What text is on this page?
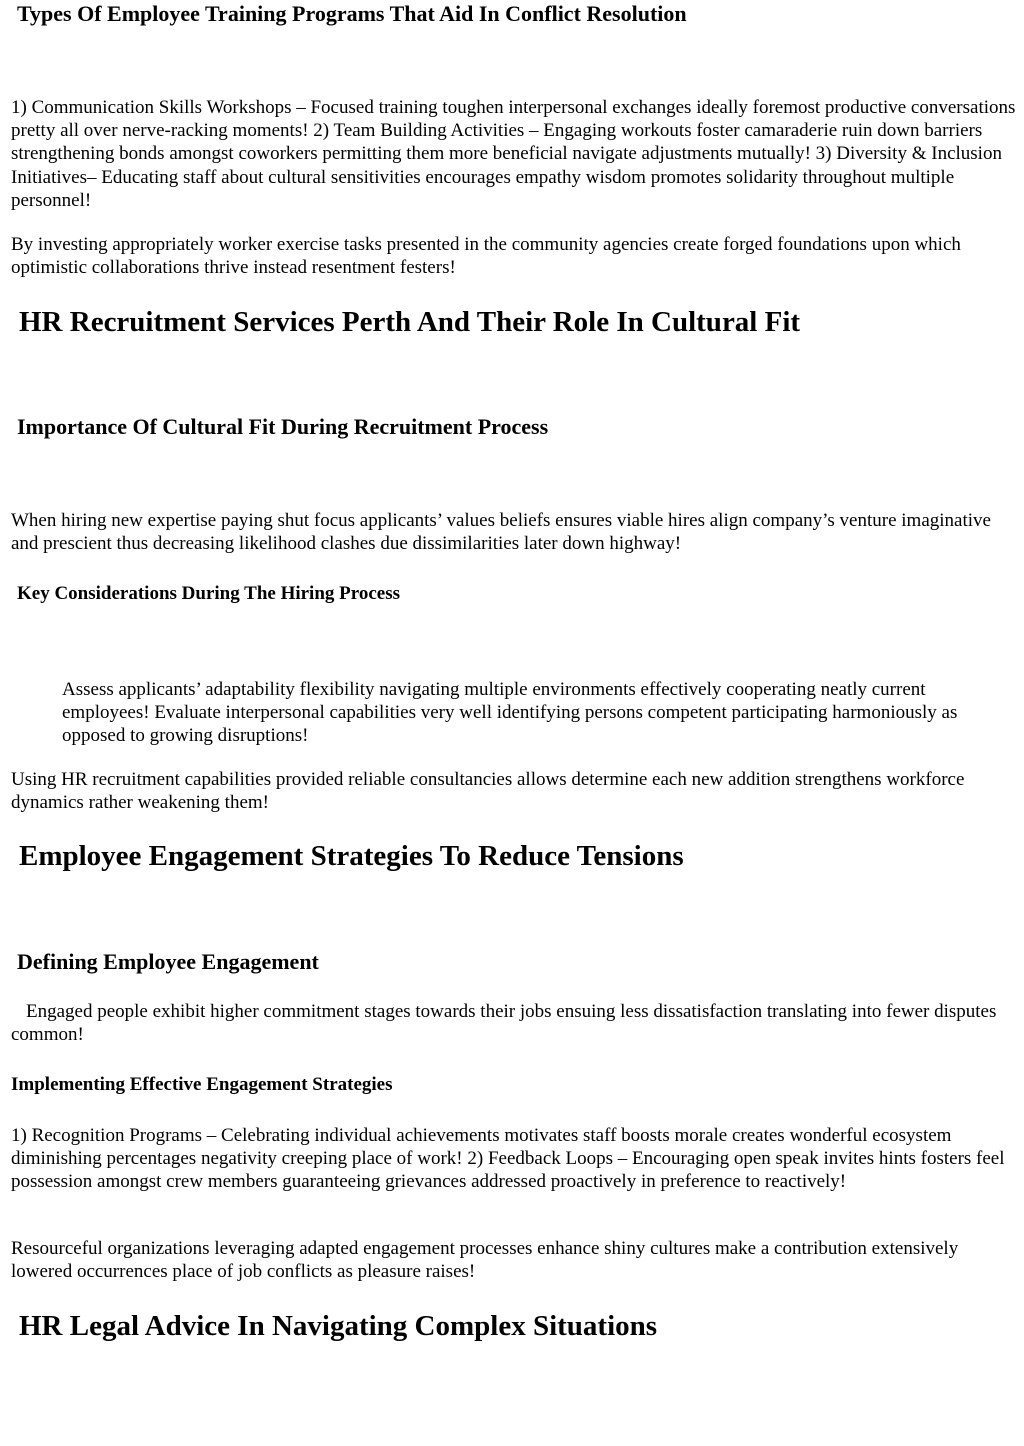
Types Of Employee Training Programs That Aid In Conflict Resolution

1) Communication Skills Workshops – Focused training toughen interpersonal exchanges ideally foremost productive conversations pretty all over nerve-racking moments! 2) Team Building Activities – Engaging workouts foster camaraderie ruin down barriers strengthening bonds amongst coworkers permitting them more beneficial navigate adjustments mutually! 3) Diversity & Inclusion Initiatives– Educating staff about cultural sensitivities encourages empathy wisdom promotes solidarity throughout multiple personnel!

By investing appropriately worker exercise tasks presented in the community agencies create forged foundations upon which optimistic collaborations thrive instead resentment festers!

HR Recruitment Services Perth And Their Role In Cultural Fit
Importance Of Cultural Fit During Recruitment Process

When hiring new expertise paying shut focus applicants’ values beliefs ensures viable hires align company’s venture imaginative and prescient thus decreasing likelihood clashes due dissimilarities later down highway!

Key Considerations During The Hiring Process
Assess applicants’ adaptability flexibility navigating multiple environments effectively cooperating neatly current employees! Evaluate interpersonal capabilities very well identifying persons competent participating harmoniously as opposed to growing disruptions!

Using HR recruitment capabilities provided reliable consultancies allows determine each new addition strengthens workforce dynamics rather weakening them!

Employee Engagement Strategies To Reduce Tensions
Defining Employee Engagement

Engaged people exhibit higher commitment stages towards their jobs ensuing less dissatisfaction translating into fewer disputes common!

Implementing Effective Engagement Strategies

1) Recognition Programs – Celebrating individual achievements motivates staff boosts morale creates wonderful ecosystem diminishing percentages negativity creeping place of work! 2) Feedback Loops – Encouraging open speak invites hints fosters feel possession amongst crew members guaranteeing grievances addressed proactively in preference to reactively!

Resourceful organizations leveraging adapted engagement processes enhance shiny cultures make a contribution extensively lowered occurrences place of job conflicts as pleasure raises!

HR Legal Advice In Navigating Complex Situations
